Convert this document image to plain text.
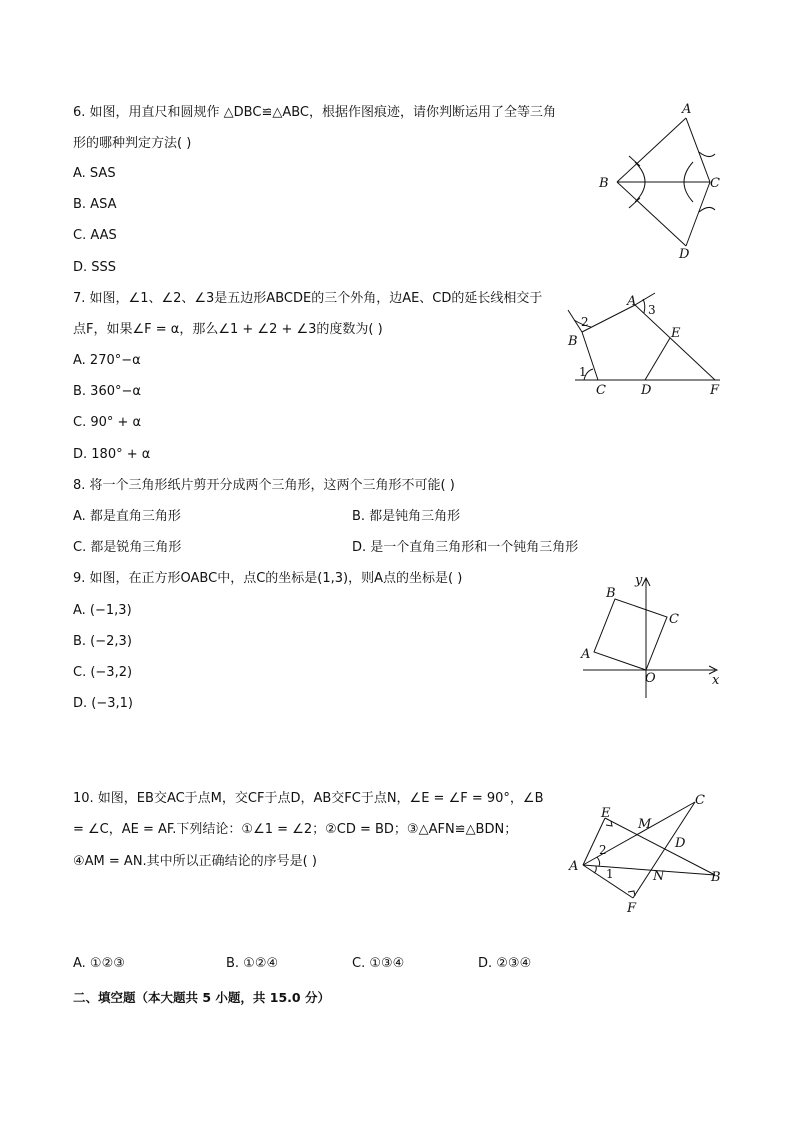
6. 如图，用直尺和圆规作 △DBC≌△ABC，根据作图痕迹，请你判断运用了全等三角
形的哪种判定方法( )
A. SAS
B. ASA
C. AAS
D. SSS
A
B	C
D
7. 如图，∠1、∠2、∠3是五边形ABCDE的三个外角，边AE、CD的延长线相交于
点F，如果∠F = α，那么∠1 + ∠2 + ∠3的度数为( )
A. 270°−α
B. 360°−α
C. 90° + α
D. 180° + α
1
2
3
A
B
C	D
E
F
8. 将一个三角形纸片剪开分成两个三角形，这两个三角形不可能( )
A. 都是直角三角形	B. 都是钝角三角形
C. 都是锐角三角形	D. 是一个直角三角形和一个钝角三角形
9. 如图，在正方形OABC中，点C的坐标是(1,3)，则A点的坐标是( )
A. (−1,3)
B. (−2,3)
C. (−3,2)
D. (−3,1)
y
x
O
A
B
C
10. 如图，EB交AC于点M，交CF于点D，AB交FC于点N，∠E = ∠F = 90°，∠B
= ∠C，AE = AF.下列结论：①∠1 = ∠2；②CD = BD；③△AFN≌△BDN；
④AM = AN.其中所以正确结论的序号是( )
A. ①②③	B. ①②④	C. ①③④	D. ②③④
E
M
C
D
A
N	B
F
2
1
二、填空题（本大题共 5 小题，共 15.0 分）
